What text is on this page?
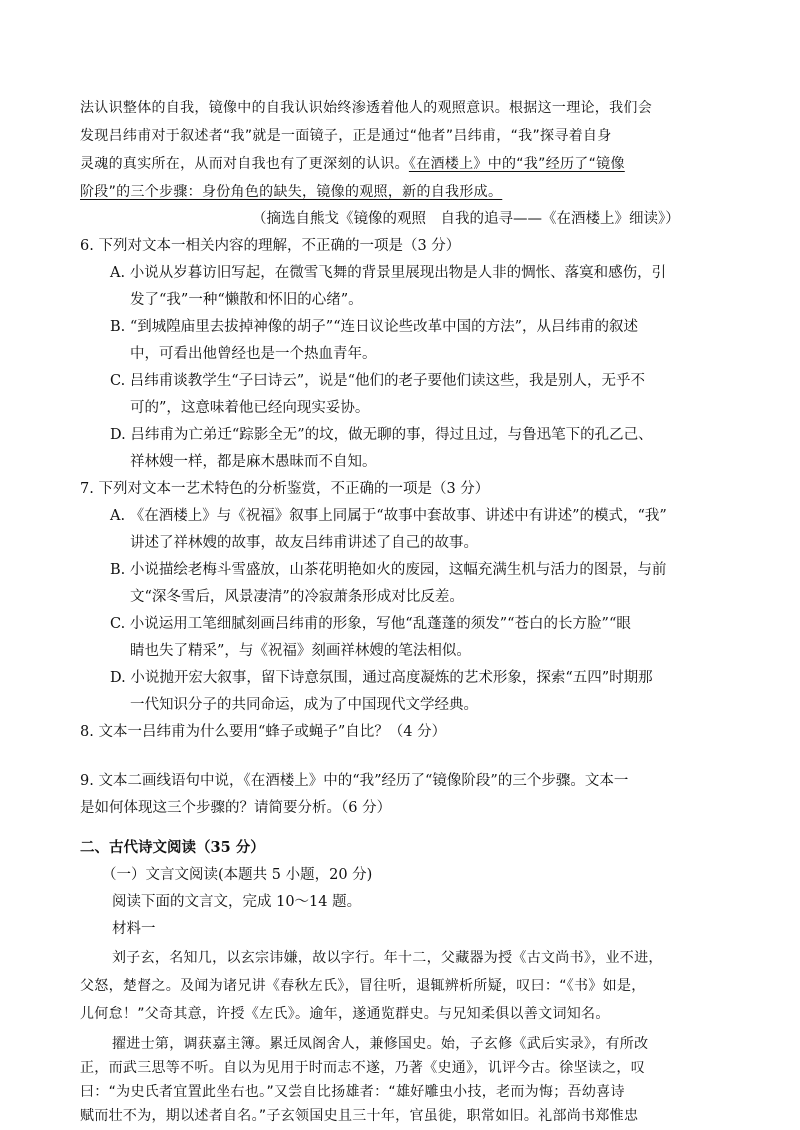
法认识整体的自我，镜像中的自我认识始终渗透着他人的观照意识。根据这一理论，我们会
发现吕纬甫对于叙述者“我”就是一面镜子，正是通过“他者”吕纬甫，“我”探寻着自身
灵魂的真实所在，从而对自我也有了更深刻的认识。《在酒楼上》中的“我”经历了“镜像
阶段”的三个步骤：身份角色的缺失，镜像的观照，新的自我形成。
（摘选自熊戈《镜像的观照　自我的追寻——《在酒楼上》细读》）
6. 下列对文本一相关内容的理解，不正确的一项是（3 分）
A. 小说从岁暮访旧写起，在微雪飞舞的背景里展现出物是人非的惆怅、落寞和感伤，引
发了“我”一种“懒散和怀旧的心绪”。
B. “到城隍庙里去拔掉神像的胡子”“连日议论些改革中国的方法”，从吕纬甫的叙述
中，可看出他曾经也是一个热血青年。
C. 吕纬甫谈教学生“子曰诗云”，说是“他们的老子要他们读这些，我是别人，无乎不
可的”，这意味着他已经向现实妥协。
D. 吕纬甫为亡弟迁“踪影全无”的坟，做无聊的事，得过且过，与鲁迅笔下的孔乙己、
祥林嫂一样，都是麻木愚昧而不自知。
7. 下列对文本一艺术特色的分析鉴赏，不正确的一项是（3 分）
A. 《在酒楼上》与《祝福》叙事上同属于“故事中套故事、讲述中有讲述”的模式，“我”
讲述了祥林嫂的故事，故友吕纬甫讲述了自己的故事。
B. 小说描绘老梅斗雪盛放，山茶花明艳如火的废园，这幅充满生机与活力的图景，与前
文“深冬雪后，风景凄清”的冷寂萧条形成对比反差。
C. 小说运用工笔细腻刻画吕纬甫的形象，写他“乱蓬蓬的须发”“苍白的长方脸”“眼
睛也失了精采”，与《祝福》刻画祥林嫂的笔法相似。
D. 小说抛开宏大叙事，留下诗意氛围，通过高度凝炼的艺术形象，探索“五四”时期那
一代知识分子的共同命运，成为了中国现代文学经典。
8. 文本一吕纬甫为什么要用“蜂子或蝇子”自比？（4 分）
9. 文本二画线语句中说，《在酒楼上》中的“我”经历了“镜像阶段”的三个步骤。文本一
是如何体现这三个步骤的？请简要分析。（6 分）
二、古代诗文阅读（35 分）
（一）文言文阅读(本题共 5 小题，20 分)
阅读下面的文言文，完成 10～14 题。
材料一
刘子玄，名知几，以玄宗讳嫌，故以字行。年十二，父藏器为授《古文尚书》，业不进，
父怒，楚督之。及闻为诸兄讲《春秋左氏》，冒往听，退辄辨析所疑，叹曰：“《书》如是，
儿何怠！”父奇其意，许授《左氏》。逾年，遂通览群史。与兄知柔俱以善文词知名。
擢进士第，调获嘉主簿。累迁凤阁舍人，兼修国史。始，子玄修《武后实录》，有所改
正，而武三思等不听。自以为见用于时而志不遂，乃著《史通》，讥评今古。徐坚读之，叹
曰：“为史氏者宜置此坐右也。”又尝自比扬雄者：“雄好雕虫小技，老而为悔；吾幼喜诗
赋而壮不为，期以述者自名。”子玄领国史且三十年，官虽徙，职常如旧。礼部尚书郑惟忠
